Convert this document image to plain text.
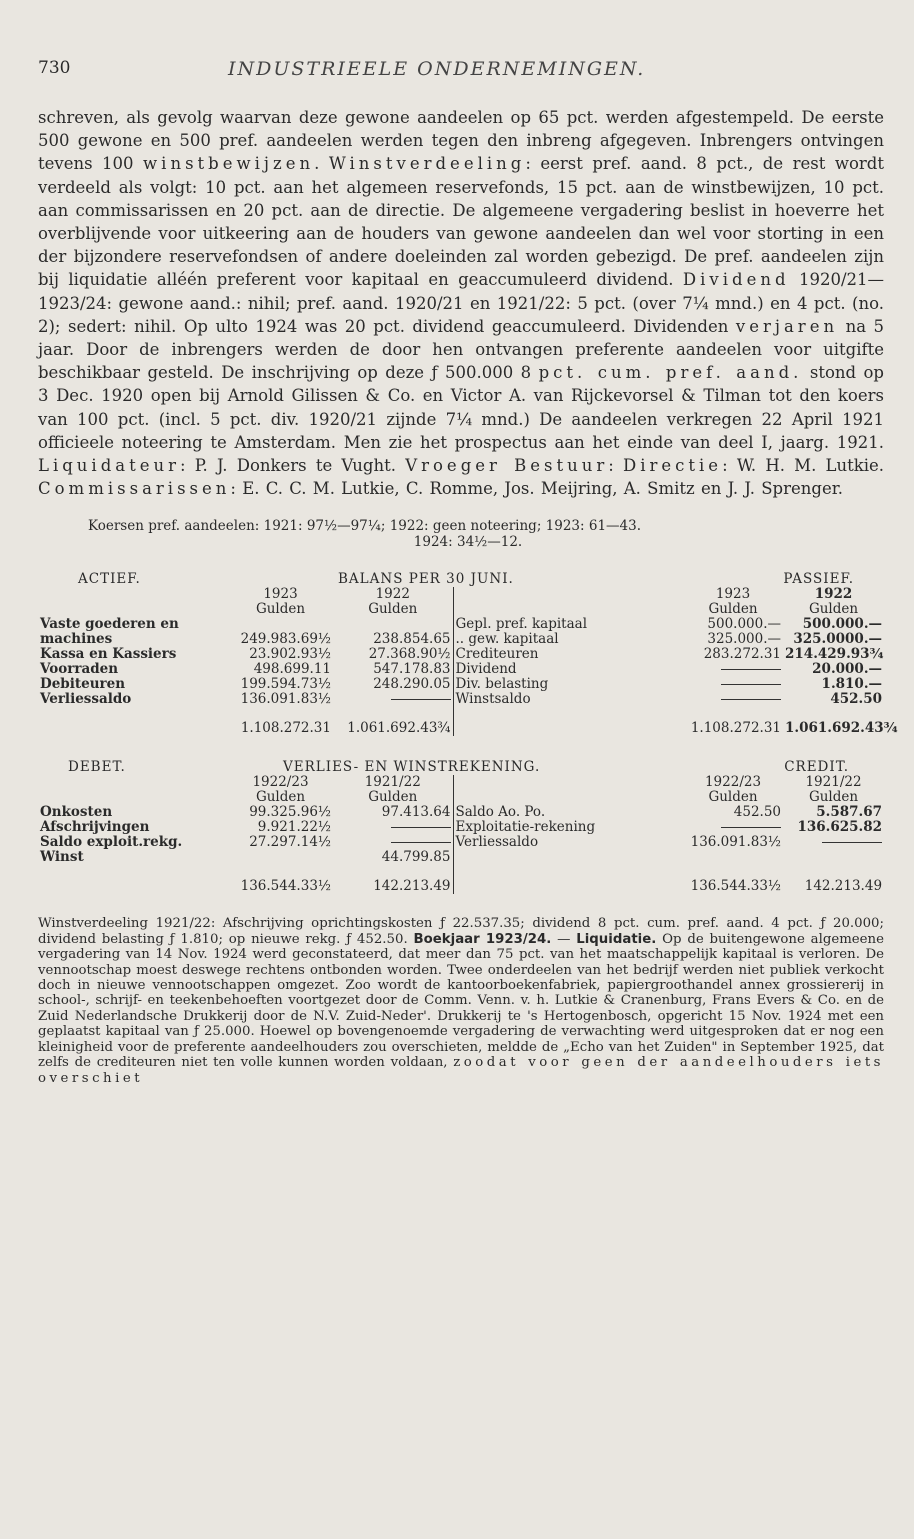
730	INDUSTRIEELE ONDERNEMINGEN.
schreven, als gevolg waarvan deze gewone aandeelen op 65 pct. werden afgestempeld. De eerste 500 gewone en 500 pref. aandeelen werden tegen den inbreng afgegeven. Inbrengers ontvingen tevens 100 winstbewijzen. Winstverdeeling: eerst pref. aand. 8 pct., de rest wordt verdeeld als volgt: 10 pct. aan het algemeen reservefonds, 15 pct. aan de winstbewijzen, 10 pct. aan commissarissen en 20 pct. aan de directie. De algemeene vergadering beslist in hoeverre het overblijvende voor uitkeering aan de houders van gewone aandeelen dan wel voor storting in een der bijzondere reservefondsen of andere doeleinden zal worden gebezigd. De pref. aandeelen zijn bij liquidatie alléén preferent voor kapitaal en geaccumuleerd dividend. Dividend 1920/21—1923/24: gewone aand.: nihil; pref. aand. 1920/21 en 1921/22: 5 pct. (over 7¼ mnd.) en 4 pct. (no. 2); sedert: nihil. Op ulto 1924 was 20 pct. dividend geaccumuleerd. Dividenden verjaren na 5 jaar. Door de inbrengers werden de door hen ontvangen preferente aandeelen voor uitgifte beschikbaar gesteld. De inschrijving op deze ƒ 500.000 8 pct. cum. pref. aand. stond op 3 Dec. 1920 open bij Arnold Gilissen & Co. en Victor A. van Rijckevorsel & Tilman tot den koers van 100 pct. (incl. 5 pct. div. 1920/21 zijnde 7¼ mnd.) De aandeelen verkregen 22 April 1921 officieele noteering te Amsterdam. Men zie het prospectus aan het einde van deel I, jaarg. 1921. Liquidateur: P. J. Donkers te Vught. Vroeger Bestuur: Directie: W. H. M. Lutkie. Commissarissen: E. C. C. M. Lutkie, C. Romme, Jos. Meijring, A. Smitz en J. J. Sprenger.
Koersen pref. aandeelen: 1921: 97½—97¼; 1922: geen noteering; 1923: 61—43.
1924: 34½—12.
ACTIEF.	BALANS PER 30 JUNI.			PASSIEF.	
	1923	1922		1923	1922
	Gulden	Gulden		Gulden	Gulden
Vaste goederen en			Gepl. pref. kapitaal	500.000.—	500.000.—
machines	249.983.69½	238.854.65	.. gew. kapitaal	325.000.—	325.0000.—
Kassa en Kassiers	23.902.93½	27.368.90½	Crediteuren	283.272.31	214.429.93¾
Voorraden	498.699.11	547.178.83	Dividend		20.000.—
Debiteuren	199.594.73½	248.290.05	Div. belasting		1.810.—
Verliessaldo	136.091.83½		Winstsaldo		452.50
	1.108.272.31	1.061.692.43¾		1.108.272.31	1.061.692.43¾
DEBET.	VERLIES- EN WINSTREKENING.			CREDIT.	
	1922/23	1921/22		1922/23	1921/22
	Gulden	Gulden		Gulden	Gulden
Onkosten	99.325.96½	97.413.64	Saldo Ao. Po.	452.50	5.587.67
Afschrijvingen	9.921.22½		Exploitatie-rekening		136.625.82
Saldo exploit.rekg.	27.297.14½		Verliessaldo	136.091.83½	
Winst		44.799.85			
	136.544.33½	142.213.49		136.544.33½	142.213.49
Winstverdeeling 1921/22: Afschrijving oprichtingskosten ƒ 22.537.35; dividend 8 pct. cum. pref. aand. 4 pct. ƒ 20.000; dividend belasting ƒ 1.810; op nieuwe rekg. ƒ 452.50. Boekjaar 1923/24. — Liquidatie. Op de buitengewone algemeene vergadering van 14 Nov. 1924 werd geconstateerd, dat meer dan 75 pct. van het maatschappelijk kapitaal is verloren. De vennootschap moest deswege rechtens ontbonden worden. Twee onderdeelen van het bedrijf werden niet publiek verkocht doch in nieuwe vennootschappen omgezet. Zoo wordt de kantoorboekenfabriek, papiergroothandel annex grossiererij in school-, schrijf- en teekenbehoeften voortgezet door de Comm. Venn. v. h. Lutkie & Cranenburg, Frans Evers & Co. en de Zuid Nederlandsche Drukkerij door de N.V. Zuid-Neder'. Drukkerij te 's Hertogenbosch, opgericht 15 Nov. 1924 met een geplaatst kapitaal van ƒ 25.000. Hoewel op bovengenoemde vergadering de verwachting werd uitgesproken dat er nog een kleinigheid voor de preferente aandeelhouders zou overschieten, meldde de „Echo van het Zuiden" in September 1925, dat zelfs de crediteuren niet ten volle kunnen worden voldaan, zoodat voor geen der aandeelhouders iets overschiet
